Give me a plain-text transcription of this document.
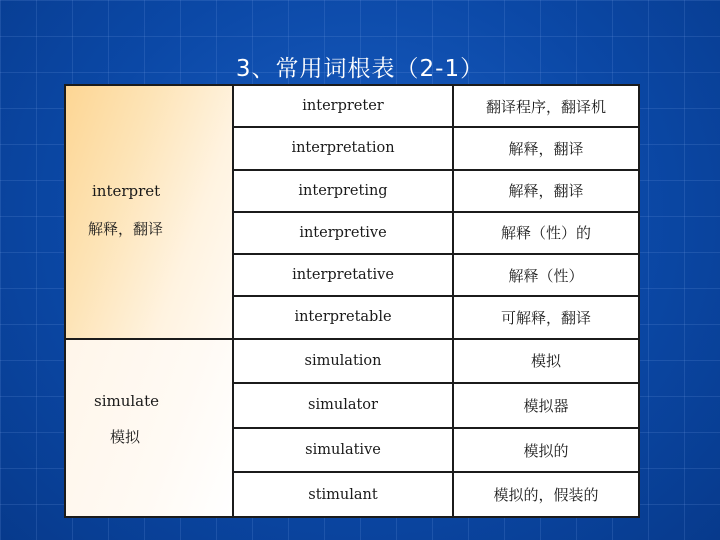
3、常用词根表（2-1）
interpret
解释，翻译	interpreter	翻译程序，翻译机
	interpretation	解释，翻译
	interpreting	解释，翻译
	interpretive	解释（性）的
	interpretative	解释（性）
	interpretable	可解释，翻译

simulate
模拟	simulation	模拟
	simulator	模拟器
	simulative	模拟的
	stimulant	模拟的，假装的
